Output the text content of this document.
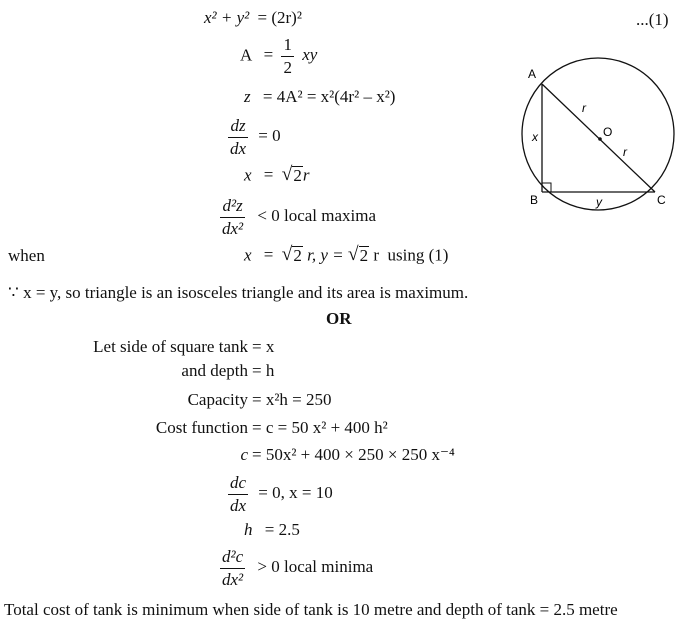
x² + y² = (2r)²	...(1)
$A = \frac{1}{2}$ xy
z = 4A² = x²(4r² – x²)
$\frac{dz}{dx} = 0$
x = √ 2 r
$\frac{\text{d²z}}{\text{dx²}} < 0$ local maxima
when	x = √ 2 r, y = √ 2 r  using (1)
∵ x = y, so triangle is an isosceles triangle and its area is maximum.
OR
Let side of square tank = x
and depth = h
Capacity = x²h = 250
Cost function = c = 50 x² + 400 h²
c = 50x² + 400 × 250 × 250 x⁻⁴
$\frac{dc}{dx} = 0$, x = 10
h = 2.5
$\frac{\text{d²c}}{\text{dx²}} > 0$ local minima
Total cost of tank is minimum when side of tank is 10 metre and depth of tank = 2.5 metre
A
B	C
O
x
y
r
r
